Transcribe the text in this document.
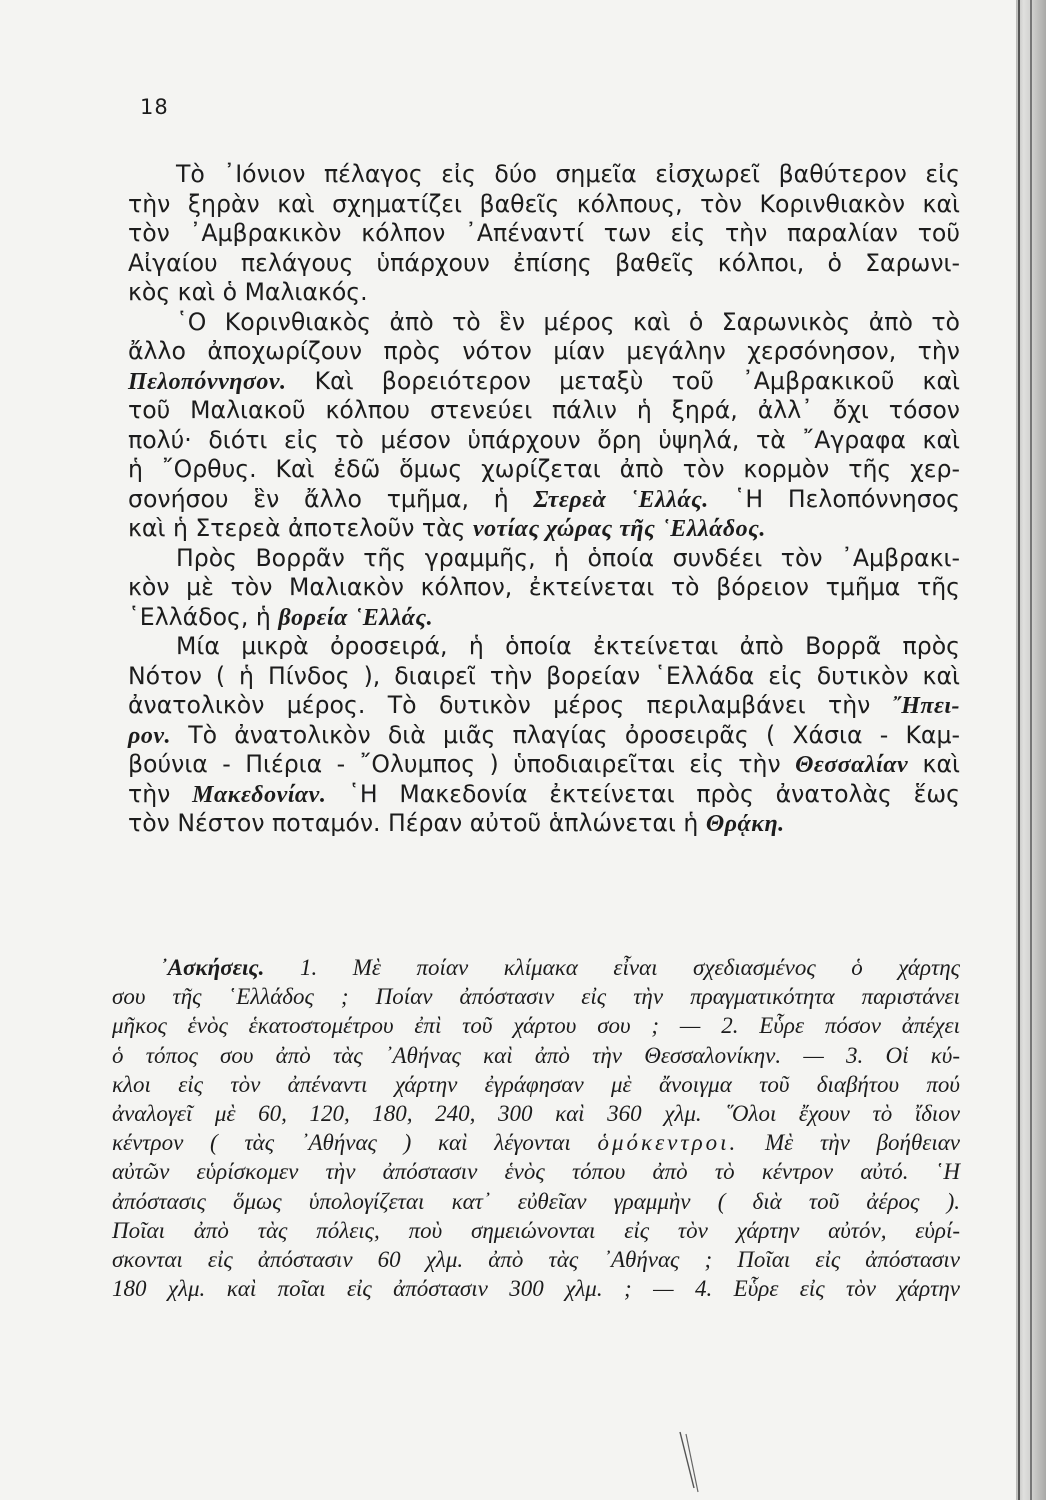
18
Τὸ ᾿Ιόνιον πέλαγος εἰς δύο σημεῖα εἰσχωρεῖ βαθύτερον εἰς
τὴν ξηρὰν καὶ σχηματίζει βαθεῖς κόλπους, τὸν Κορινθιακὸν καὶ
τὸν ᾿Αμβρακικὸν κόλπον ᾿Απέναντί των εἰς τὴν παραλίαν τοῦ
Αἰγαίου πελάγους ὑπάρχουν ἐπίσης βαθεῖς κόλποι, ὁ Σαρωνι-
κὸς καὶ ὁ Μαλιακός.
῾Ο Κορινθιακὸς ἀπὸ τὸ ἓν μέρος καὶ ὁ Σαρωνικὸς ἀπὸ τὸ
ἄλλο ἀποχωρίζουν πρὸς νότον μίαν μεγάλην χερσόνησον, τὴν
Πελοπόννησον. Καὶ βορειότερον μεταξὺ τοῦ ᾿Αμβρακικοῦ καὶ
τοῦ Μαλιακοῦ κόλπου στενεύει πάλιν ἡ ξηρά, ἀλλ᾿ ὄχι τόσον
πολύ· διότι εἰς τὸ μέσον ὑπάρχουν ὄρη ὑψηλά, τὰ ῎Αγραφα καὶ
ἡ ῎Ορθυς. Καὶ ἐδῶ ὅμως χωρίζεται ἀπὸ τὸν κορμὸν τῆς χερ-
σονήσου ἓν ἄλλο τμῆμα, ἡ Στερεὰ ῾Ελλάς. ῾Η Πελοπόννησος
καὶ ἡ Στερεὰ ἀποτελοῦν τὰς νοτίας χώρας τῆς ῾Ελλάδος.
Πρὸς Βορρᾶν τῆς γραμμῆς, ἡ ὁποία συνδέει τὸν ᾿Αμβρακι-
κὸν μὲ τὸν Μαλιακὸν κόλπον, ἐκτείνεται τὸ βόρειον τμῆμα τῆς
῾Ελλάδος, ἡ βορεία ῾Ελλάς.
Μία μικρὰ ὀροσειρά, ἡ ὁποία ἐκτείνεται ἀπὸ Βορρᾶ πρὸς
Νότον ( ἡ Πίνδος ), διαιρεῖ τὴν βορείαν ῾Ελλάδα εἰς δυτικὸν καὶ
ἀνατολικὸν μέρος. Τὸ δυτικὸν μέρος περιλαμβάνει τὴν ῎Ηπει-
ρον. Τὸ ἀνατολικὸν διὰ μιᾶς πλαγίας ὀροσειρᾶς ( Χάσια - Καμ-
βούνια - Πιέρια - ῎Ολυμπος ) ὑποδιαιρεῖται εἰς τὴν Θεσσαλίαν καὶ
τὴν Μακεδονίαν. ῾Η Μακεδονία ἐκτείνεται πρὸς ἀνατολὰς ἕως
τὸν Νέστον ποταμόν. Πέραν αὐτοῦ ἁπλώνεται ἡ Θρᾴκη.
᾿Ασκήσεις. 1. Μὲ ποίαν κλίμακα εἶναι σχεδιασμένος ὁ χάρτης
σου τῆς ῾Ελλάδος ; Ποίαν ἀπόστασιν εἰς τὴν πραγματικότητα παριστάνει
μῆκος ἑνὸς ἑκατοστομέτρου ἐπὶ τοῦ χάρτου σου ; — 2. Εὗρε πόσον ἀπέχει
ὁ τόπος σου ἀπὸ τὰς ᾿Αθήνας καὶ ἀπὸ τὴν Θεσσαλονίκην. — 3. Οἱ κύ-
κλοι εἰς τὸν ἀπέναντι χάρτην ἐγράφησαν μὲ ἄνοιγμα τοῦ διαβήτου πού
ἀναλογεῖ μὲ 60, 120, 180, 240, 300 καὶ 360 χλμ. ῞Ολοι ἔχουν τὸ ἴδιον
κέντρον ( τὰς ᾿Αθήνας ) καὶ λέγονται ὁμόκεντροι. Μὲ τὴν βοήθειαν
αὐτῶν εὑρίσκομεν τὴν ἀπόστασιν ἑνὸς τόπου ἀπὸ τὸ κέντρον αὐτό. ῾Η
ἀπόστασις ὅμως ὑπολογίζεται κατ᾿ εὐθεῖαν γραμμὴν ( διὰ τοῦ ἀέρος ).
Ποῖαι ἀπὸ τὰς πόλεις, ποὺ σημειώνονται εἰς τὸν χάρτην αὐτόν, εὑρί-
σκονται εἰς ἀπόστασιν 60 χλμ. ἀπὸ τὰς ᾿Αθήνας ; Ποῖαι εἰς ἀπόστασιν
180 χλμ. καὶ ποῖαι εἰς ἀπόστασιν 300 χλμ. ; — 4. Εὗρε εἰς τὸν χάρτην
